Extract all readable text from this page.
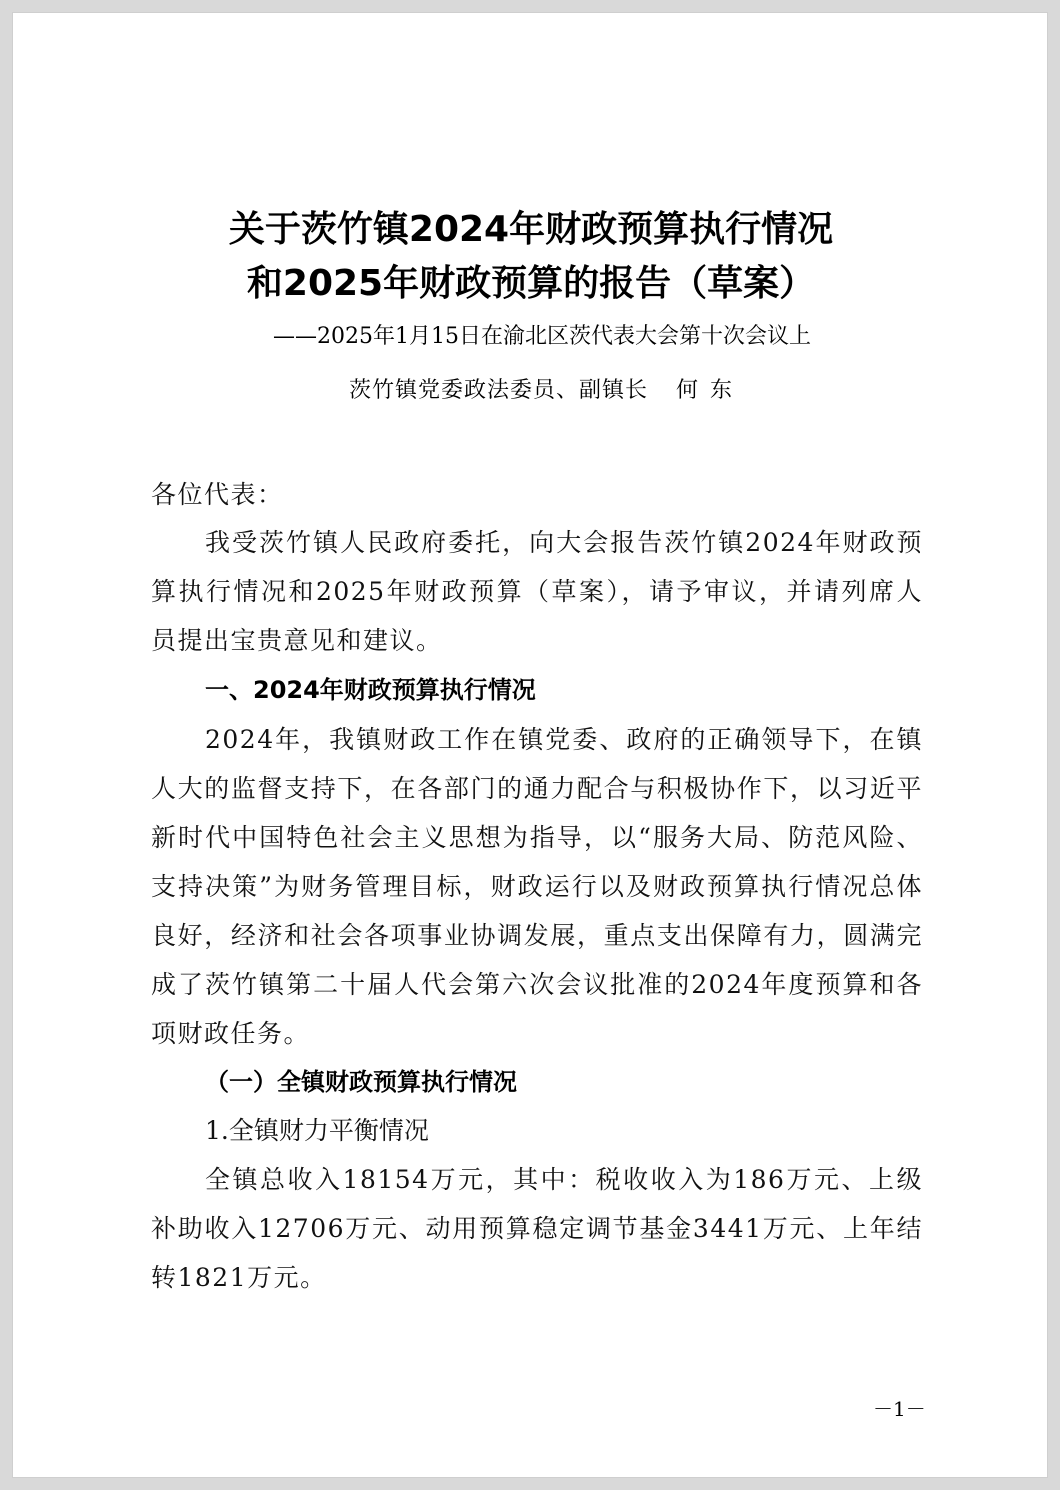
关于茨竹镇2024年财政预算执行情况
和2025年财政预算的报告（草案）
——2025年1月15日在渝北区茨代表大会第十次会议上
茨竹镇党委政法委员、副镇长 何东
各位代表：
我受茨竹镇人民政府委托，向大会报告茨竹镇2024年财政预算执行情况和2025年财政预算（草案），请予审议，并请列席人员提出宝贵意见和建议。
一、2024年财政预算执行情况
2024年，我镇财政工作在镇党委、政府的正确领导下，在镇人大的监督支持下，在各部门的通力配合与积极协作下，以习近平新时代中国特色社会主义思想为指导，以“服务大局、防范风险、支持决策”为财务管理目标，财政运行以及财政预算执行情况总体良好，经济和社会各项事业协调发展，重点支出保障有力，圆满完成了茨竹镇第二十届人代会第六次会议批准的2024年度预算和各项财政任务。
（一）全镇财政预算执行情况
1.全镇财力平衡情况
全镇总收入18154万元，其中：税收收入为186万元、上级补助收入12706万元、动用预算稳定调节基金3441万元、上年结转1821万元。
－1－
